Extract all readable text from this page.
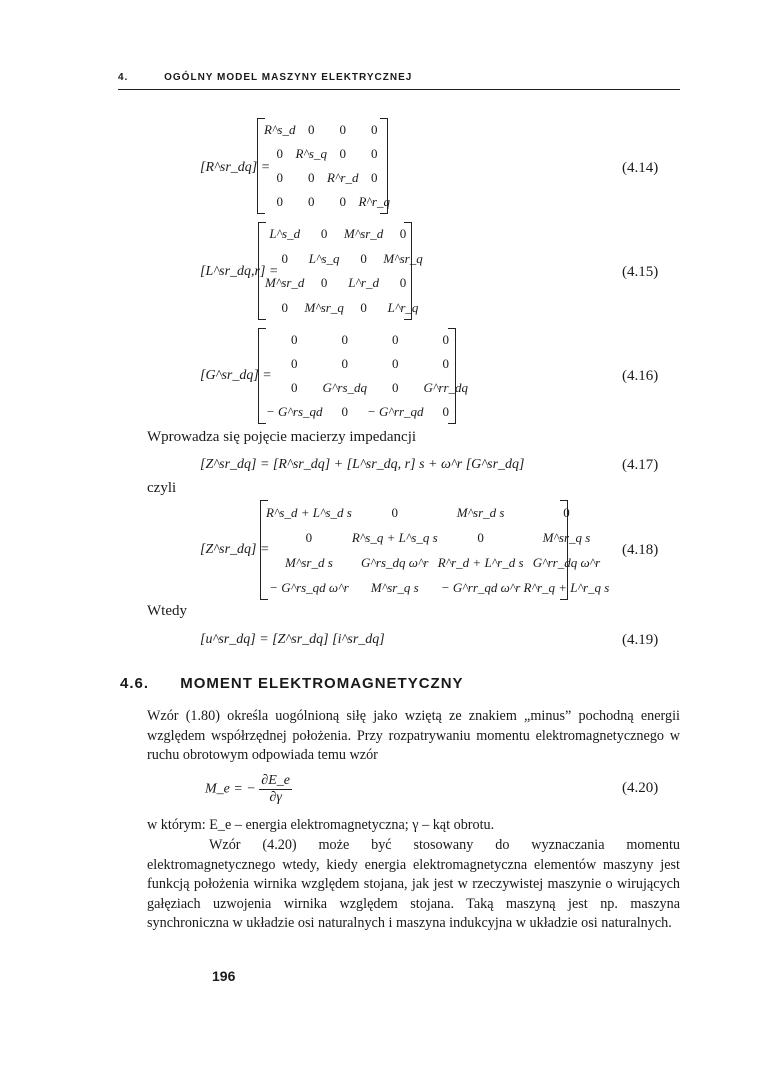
4.	OGÓLNY MODEL MASZYNY ELEKTRYCZNEJ
[R^sr_dq] =
R^s_d	0	0	0
0	R^s_q	0	0
0	0	R^r_d	0
0	0	0	R^r_q
(4.14)
[L^sr_dq,r] =
L^s_d	0	M^sr_d	0
0	L^s_q	0	M^sr_q
M^sr_d	0	L^r_d	0
0	M^sr_q	0	L^r_q
(4.15)
[G^sr_dq] =
0	0	0	0
0	0	0	0
0	G^rs_dq	0	G^rr_dq
− G^rs_qd	0	− G^rr_qd	0
(4.16)
Wprowadza się pojęcie macierzy impedancji
[Z^sr_dq] = [R^sr_dq] + [L^sr_dq, r] s + ω^r [G^sr_dq]	(4.17)
czyli
[Z^sr_dq] =
R^s_d + L^s_d s	0	M^sr_d s	0
0	R^s_q + L^s_q s	0	M^sr_q s
M^sr_d s	G^rs_dq ω^r	R^r_d + L^r_d s	G^rr_dq ω^r
− G^rs_qd ω^r	M^sr_q s	− G^rr_qd ω^r	R^r_q + L^r_q s
(4.18)
Wtedy
[u^sr_dq] = [Z^sr_dq] [i^sr_dq]	(4.19)
4.6. MOMENT ELEKTROMAGNETYCZNY
Wzór (1.80) określa uogólnioną siłę jako wziętą ze znakiem „minus” pochodną energii względem współrzędnej położenia. Przy rozpatrywaniu momentu elektromagnetycznego w ruchu obrotowym odpowiada temu wzór
M_e = − $\frac{\partial E\_e}{\partial\gamma}$	(4.20)
w którym: E_e – energia elektromagnetyczna; γ – kąt obrotu.
Wzór (4.20) może być stosowany do wyznaczania momentu elektromagnetycznego wtedy, kiedy energia elektromagnetyczna elementów maszyny jest funkcją położenia wirnika względem stojana, jak jest w rzeczywistej maszynie o wirujących gałęziach uzwojenia wirnika względem stojana. Taką maszyną jest np. maszyna synchroniczna w układzie osi naturalnych i maszyna indukcyjna w układzie osi naturalnych.
196
